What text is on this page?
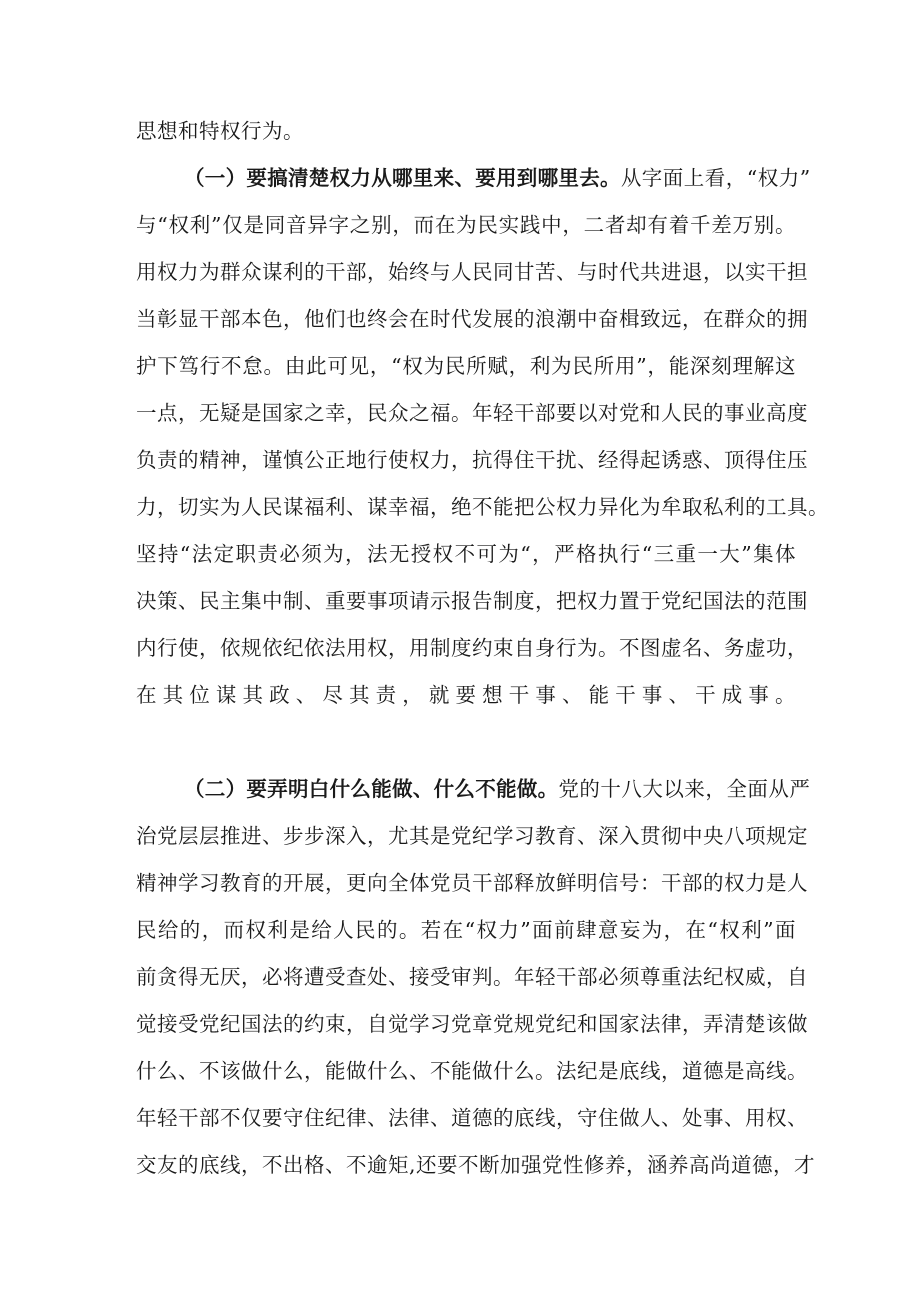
思想和特权行为。
（一）要搞清楚权力从哪里来、要用到哪里去。从字面上看，“权力”
与“权利”仅是同音异字之别，而在为民实践中，二者却有着千差万别。
用权力为群众谋利的干部，始终与人民同甘苦、与时代共进退，以实干担
当彰显干部本色，他们也终会在时代发展的浪潮中奋楫致远，在群众的拥
护下笃行不怠。由此可见，“权为民所赋，利为民所用”，能深刻理解这
一点，无疑是国家之幸，民众之福。年轻干部要以对党和人民的事业高度
负责的精神，谨慎公正地行使权力，抗得住干扰、经得起诱惑、顶得住压
力，切实为人民谋福利、谋幸福，绝不能把公权力异化为牟取私利的工具。
坚持“法定职责必须为，法无授权不可为“，严格执行“三重一大”集体
决策、民主集中制、重要事项请示报告制度，把权力置于党纪国法的范围
内行使，依规依纪依法用权，用制度约束自身行为。不图虚名、务虚功，
在其位谋其政、尽其责，就要想干事、能干事、干成事。
（二）要弄明白什么能做、什么不能做。党的十八大以来，全面从严
治党层层推进、步步深入，尤其是党纪学习教育、深入贯彻中央八项规定
精神学习教育的开展，更向全体党员干部释放鲜明信号：干部的权力是人
民给的，而权利是给人民的。若在“权力”面前肆意妄为，在“权利”面
前贪得无厌，必将遭受查处、接受审判。年轻干部必须尊重法纪权威，自
觉接受党纪国法的约束，自觉学习党章党规党纪和国家法律，弄清楚该做
什么、不该做什么，能做什么、不能做什么。法纪是底线，道德是高线。
年轻干部不仅要守住纪律、法律、道德的底线，守住做人、处事、用权、
交友的底线，不出格、不逾矩,还要不断加强党性修养，涵养高尚道德，才
